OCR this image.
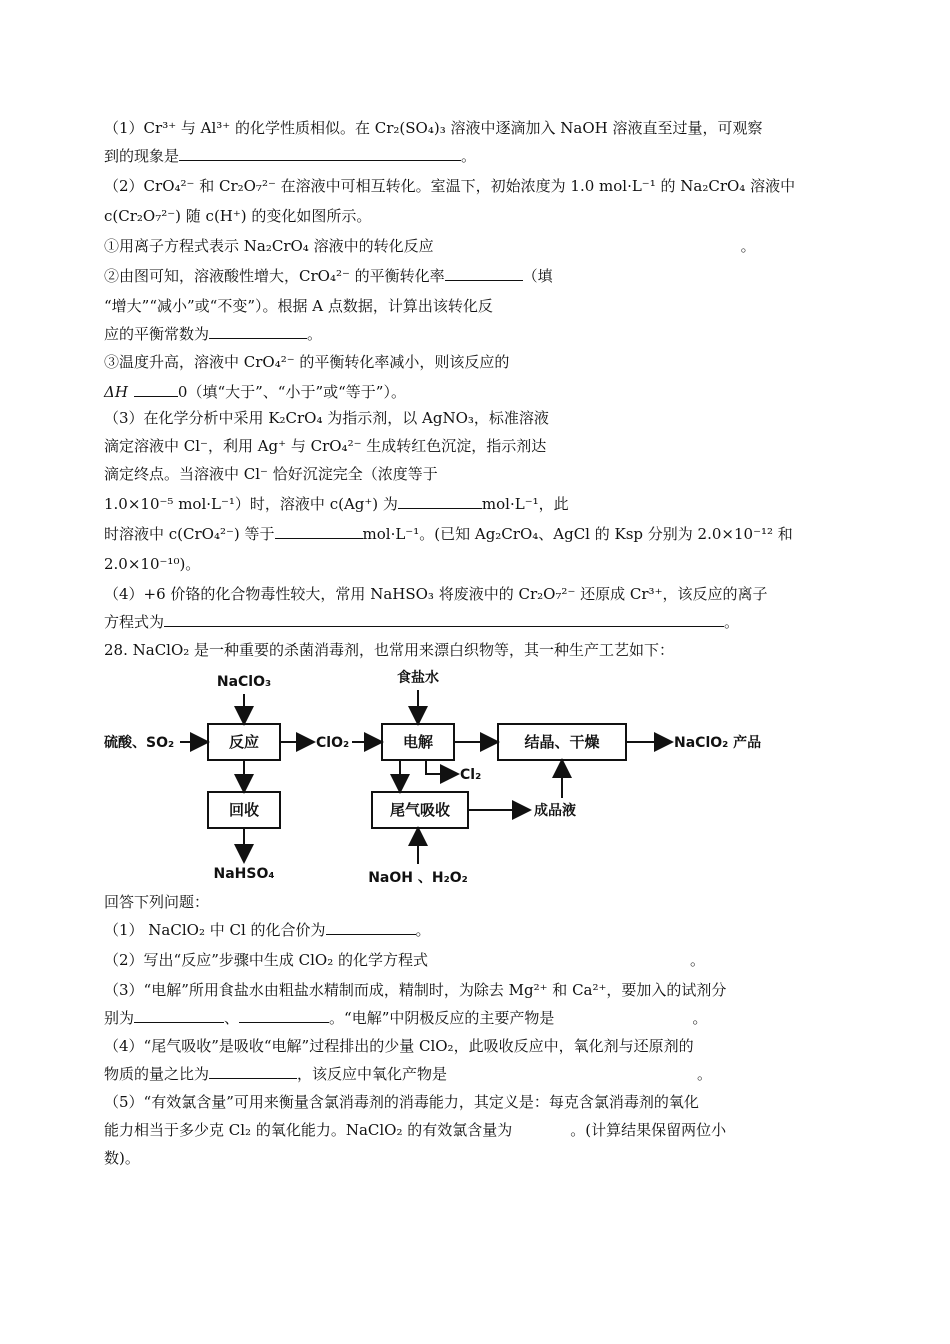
（1）Cr³⁺ 与 Al³⁺ 的化学性质相似。在 Cr₂(SO₄)₃ 溶液中逐滴加入 NaOH 溶液直至过量，可观察
到的现象是	。
（2）CrO₄²⁻ 和 Cr₂O₇²⁻ 在溶液中可相互转化。室温下，初始浓度为 1.0 mol·L⁻¹ 的 Na₂CrO₄ 溶液中
c(Cr₂O₇²⁻) 随 c(H⁺) 的变化如图所示。
①用离子方程式表示 Na₂CrO₄ 溶液中的转化反应	。
②由图可知，溶液酸性增大，CrO₄²⁻ 的平衡转化率	（填
“增大”“减小”或“不变”）。根据 A 点数据，计算出该转化反
应的平衡常数为	。
③温度升高，溶液中 CrO₄²⁻ 的平衡转化率减小，则该反应的
ΔH	0（填“大于”、“小于”或“等于”）。
（3）在化学分析中采用 K₂CrO₄ 为指示剂，以 AgNO₃，标准溶液
滴定溶液中 Cl⁻，利用 Ag⁺ 与 CrO₄²⁻ 生成转红色沉淀，指示剂达
滴定终点。当溶液中 Cl⁻ 恰好沉淀完全（浓度等于
1.0×10⁻⁵ mol·L⁻¹）时，溶液中 c(Ag⁺) 为	mol·L⁻¹，此
时溶液中 c(CrO₄²⁻) 等于	mol·L⁻¹。(已知 Ag₂CrO₄、AgCl 的 Ksp 分别为 2.0×10⁻¹² 和
2.0×10⁻¹⁰)。
（4）+6 价铬的化合物毒性较大，常用 NaHSO₃ 将废液中的 Cr₂O₇²⁻ 还原成 Cr³⁺，该反应的离子
方程式为	。
28. NaClO₂ 是一种重要的杀菌消毒剂，也常用来漂白织物等，其一种生产工艺如下：
反应
回收
电解
尾气吸收
结晶、干燥
NaClO₃
硫酸、SO₂	ClO₂
食盐水
Cl₂
NaHSO₄	NaOH 、H₂O₂
成品液
NaClO₂ 产品
回答下列问题：
（1） NaClO₂ 中 Cl 的化合价为	。
（2）写出“反应”步骤中生成 ClO₂ 的化学方程式	。
（3）“电解”所用食盐水由粗盐水精制而成，精制时，为除去 Mg²⁺ 和 Ca²⁺，要加入的试剂分
别为	、	。“电解”中阴极反应的主要产物是	。
（4）“尾气吸收”是吸收“电解”过程排出的少量 ClO₂，此吸收反应中，氧化剂与还原剂的
物质的量之比为	，该反应中氧化产物是	。
（5）“有效氯含量”可用来衡量含氯消毒剂的消毒能力，其定义是：每克含氯消毒剂的氧化
能力相当于多少克 Cl₂ 的氧化能力。NaClO₂ 的有效氯含量为	。(计算结果保留两位小
数)。
